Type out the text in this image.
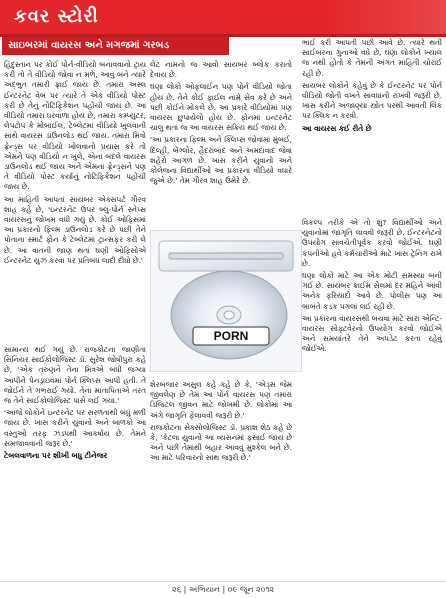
કવર સ્ટોરી
સાઇબરમાં વાયરસ અને મગજમાં ગરબડ

હિંદુસ્તાન પર કોઈ પોર્ન-વીડિયો બનાવવાનો ટ્રાય કરી તો તે વીડિયો જોવા ન મળે, આવું બને ત્યારે અદ્ભુત તમારી ફ્રાઈ જાય છે. તમારા અસ્લ ઈન્ટરનેટ વેબ પર ત્યારે તે એક વીડિયો પોસ્ટ કરી છે તેનું નોટિફિકેશન પહોંચી જાય છે. આ વીડિયો તમારા ધરવાળા હોય છે, તમારા કમ્પ્યુટર, લેપટોપ કે મોબાઈલ, ટેબ્લેટમાં વીડિયો ખુલવાની સાથે વાયરસ ડાઉનલોડ થઈ જાય. તમારા મિત્રો ફ્રેન્ડ્સ પર વીડિયો ખોલવાનો પ્રયાસ કરે તો એમને પણ વીડિયો ન ખુલે, એના બદલે વાયરસ ડાઉનલોડ થઈ જાય અને એમના ફ્રેન્ડ્સને પણ તે વીડિયો પોસ્ટ કર્યાનું નોટિફિકેશન પહોંચી જાય છે.

આ માહિતી આપતાં સાયબર એક્સપર્ટ ગૌરવ શાહ કહે છે, 'ઇન્ટરનેટ ઉપર બ્લુ-પોર્ન સ્નેપ્સ વાયરસનું જોખમ વધી ગયું છે. કોઈ ઓફિસમાં આ પ્રકારનો ફિલ્મ ડાઉનલોડ કરે છે પછી તેને પોતાના સ્માર્ટ ફોન કે ટેબ્લેટમાં ટ્રાન્સફર કરી લે છે. આ વાતની જાણ થતાં ઘણી ઓફિસોએ ઈન્ટરનેટ યુઝ કરવા પર પ્રતિબંધ લાદી દીધો છે.'

લેટ નામનો જ આવો સાયબર બ્લોક કરાતો દેવાય છે.

ઘણા લોકો ઓફલાઈન પણ પોર્ન વીડિયો જોતા હોય છે. તેને કોઈ ફાઈલ નામે સેવ કરે છે અને પછી કોઈને મોકલે છે. આ પ્રકારે વીડિયોમાં પણ વાયરસ છુપાયેલો હોય છે. ફોનમાં ઇન્ટરનેટ ચાલુ થતાં જ આ વાયરસ સક્રિય થઈ જાય છે.

'આ પ્રકારના ફિલ્મ અને ક્લિપ્સ જોવામાં મુંબઈ, દિલ્હી, બેંગ્લોર, હૈદરાબાદ અને અમદાવાદ જેવાં શહેરો આગળ છે. ખાસ કરીને યુવાનો અને કોલેજના વિદ્યાર્થીઓ આ પ્રકારના વીડિયો વધારે જુએ છે.' તેમ ગૌરવ શાહ ઉમેરે છે.

ભાઈ કરી આપતી પછી આવે છે. ત્યારે થતી સાઈબરના ગુનાઓ વધે છે, ઘણા લોકોને ખ્યાલ જ નથી હોતો કે તેમની અંગત માહિતી ચોરાઈ રહી છે.

સાયબર લોકોને કહેવું છે કે ઈન્ટરનેટ પર પોર્ન વીડિયો જોતી વખતે સાવધાની રાખવી જરૂરી છે. ખાસ કરીને અજાણ્યા સ્ત્રોત પરથી આવતી લિંક પર ક્લિક ન કરવી.

આ વાયરસ કઈ રીતે છે

PORN

સામાન્ય થઈ ગયું છે. રાજકોટના જાણીતા સિનિયર સાઈકોલોજિસ્ટ ડૉ. સુરેશ જોષીપુરા કહે છે, 'એક તરુણને તેના મિત્રએ બધી જગ્યા આપીને પેનડ્રાઇવમાં પોર્ન ક્લિપ્સ આપી હતી. તે જોઈને તે ગભરાઈ ગયો. તેના માતાપિતાએ તરત જ તેને સાઈકોલોજિસ્ટ પાસે લઈ ગયા.'

'આજે લોકોને ઇન્ટરનેટ પર સરળતાથી બધું મળી જાય છે. ખાસ કરીને યુવાનો અને બાળકો આ વસ્તુઓ તરફ ઝડપથી આકર્ષાય છે. તેમને સમજાવવાની જરૂર છે.'

ટેબલવાળના પર શીખી બધુ ટીનેજર

શેરબજાર અસુલ કહે કહે છે કે, 'એડ્સ જેમ જીવલેણ છે તેમ આ પોર્ન વાયરસ પણ તમારા ડિજિટલ જીવન માટે જોખમી છે. લોકોમાં આ અંગે જાગૃતિ ફેલાવવી જરૂરી છે.'

રાજકોટના સેક્સોલોજિસ્ટ ડૉ. પ્રકાશ શેઠ કહે છે કે, 'કેટલા યુવાનો આ વ્યસનમાં ફસાઈ જાય છે અને પછી તેમાંથી બહાર આવવું મુશ્કેલ બને છે. આ માટે પરિવારનો સાથ જરૂરી છે.'

વિકલ્પ તરીકે એ તો શું? વિદ્યાર્થીઓ અને યુવાનોમાં જાગૃતિ લાવવી જરૂરી છે. ઈન્ટરનેટનો ઉપયોગ સાવચેતીપૂર્વક કરવો જોઈએ. ઘણી કંપનીઓ હવે કર્મચારીઓ માટે ખાસ ટ્રેનિંગ રાખે છે.

ઘણા લોકો માટે આ એક મોટી સમસ્યા બની ગઈ છે. સાયબર ક્રાઈમ સેલમાં દર મહિને આવી અનેક ફરિયાદો આવે છે. પોલીસ પણ આ બાબતે કડક પગલાં લઈ રહી છે.

આ પ્રકારના વાયરસથી બચવા માટે સારા એન્ટિ-વાયરસ સોફ્ટવેરનો ઉપયોગ કરવો જોઈએ અને સમયાંતરે તેને અપડેટ કરતા રહેવું જોઈએ.

૨૬ | અભિયાન | ૦૯ જૂન ૨૦૧૨
